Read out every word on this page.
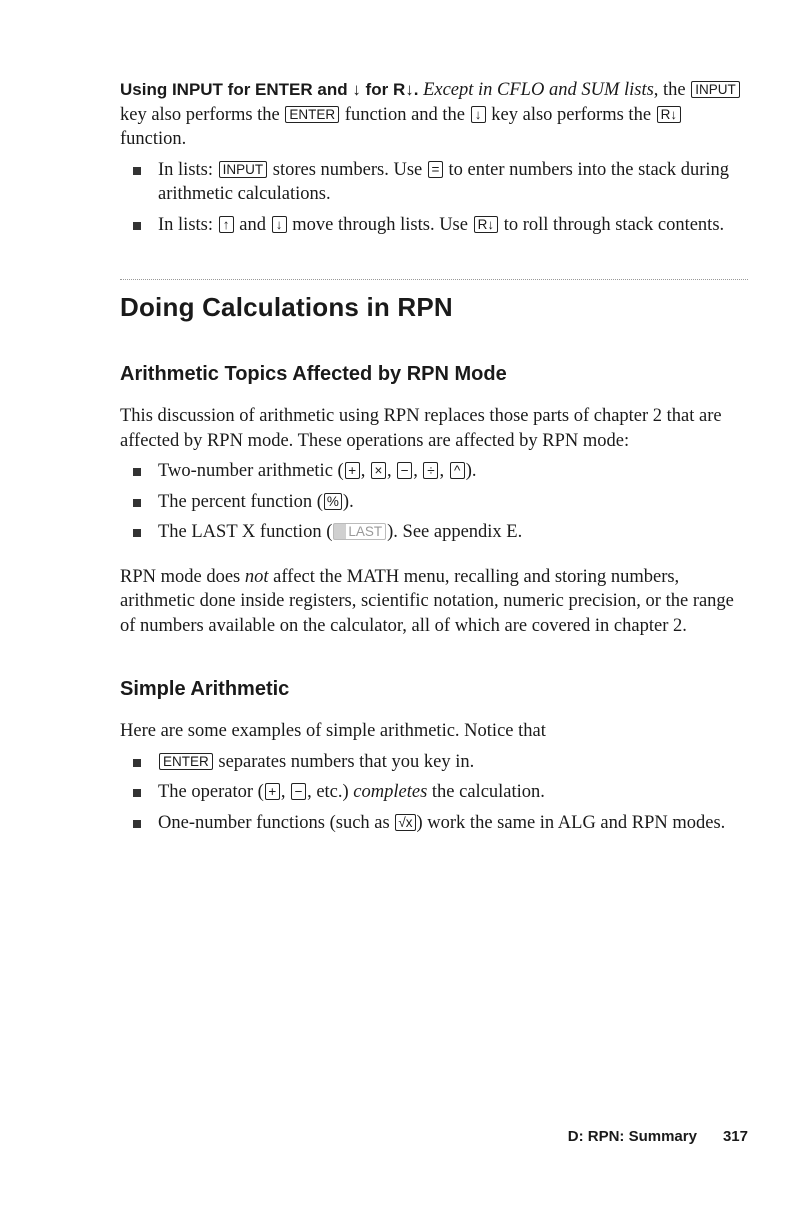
Using INPUT for ENTER and ↓ for R↓. Except in CFLO and SUM lists, the INPUT key also performs the ENTER function and the ↓ key also performs the R↓ function.

In lists: INPUT stores numbers. Use = to enter numbers into the stack during arithmetic calculations.
In lists: ↑ and ↓ move through lists. Use R↓ to roll through stack contents.
Doing Calculations in RPN
Arithmetic Topics Affected by RPN Mode

This discussion of arithmetic using RPN replaces those parts of chapter 2 that are affected by RPN mode. These operations are affected by RPN mode:

Two-number arithmetic ( + , × , − , ÷ , ^ ).
The percent function ( % ).
The LAST X function ( LAST ). See appendix E.

RPN mode does not affect the MATH menu, recalling and storing numbers, arithmetic done inside registers, scientific notation, numeric precision, or the range of numbers available on the calculator, all of which are covered in chapter 2.

Simple Arithmetic

Here are some examples of simple arithmetic. Notice that

ENTER separates numbers that you key in.
The operator ( + , − , etc.) completes the calculation.
One-number functions (such as √x ) work the same in ALG and RPN modes.
D: RPN: Summary 317
